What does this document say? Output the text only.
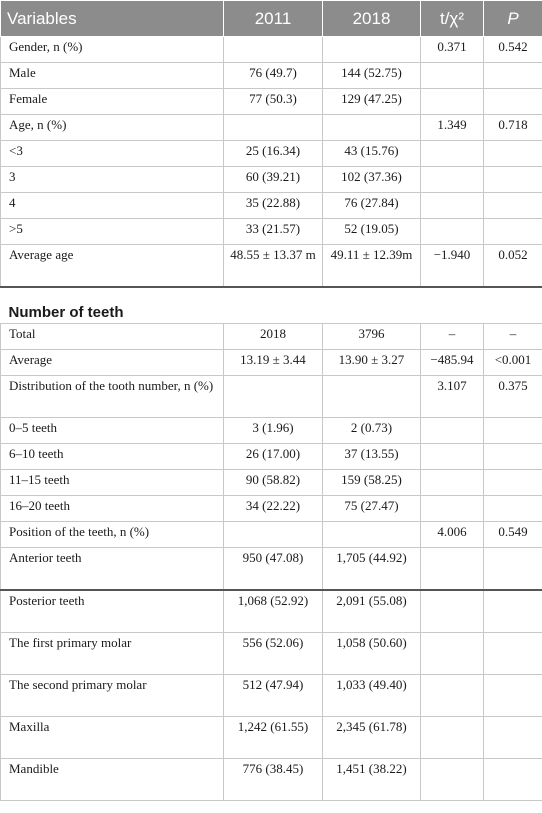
Variables	2011	2018	t/χ²	P
Gender, n (%)			0.371	0.542
Male	76 (49.7)	144 (52.75)		
Female	77 (50.3)	129 (47.25)		
Age, n (%)			1.349	0.718
<3	25 (16.34)	43 (15.76)		
3	60 (39.21)	102 (37.36)		
4	35 (22.88)	76 (27.84)		
>5	33 (21.57)	52 (19.05)		
Average age	48.55 ± 13.37 m	49.11 ± 12.39m	−1.940	0.052
Number of teeth				
Total	2018	3796	–	–
Average	13.19 ± 3.44	13.90 ± 3.27	−485.94	<0.001
Distribution of the tooth number, n (%)			3.107	0.375
0–5 teeth	3 (1.96)	2 (0.73)		
6–10 teeth	26 (17.00)	37 (13.55)		
11–15 teeth	90 (58.82)	159 (58.25)		
16–20 teeth	34 (22.22)	75 (27.47)		
Position of the teeth, n (%)			4.006	0.549
Anterior teeth	950 (47.08)	1,705 (44.92)		
Posterior teeth	1,068 (52.92)	2,091 (55.08)		
The first primary molar	556 (52.06)	1,058 (50.60)		
The second primary molar	512 (47.94)	1,033 (49.40)		
Maxilla	1,242 (61.55)	2,345 (61.78)		
Mandible	776 (38.45)	1,451 (38.22)		
